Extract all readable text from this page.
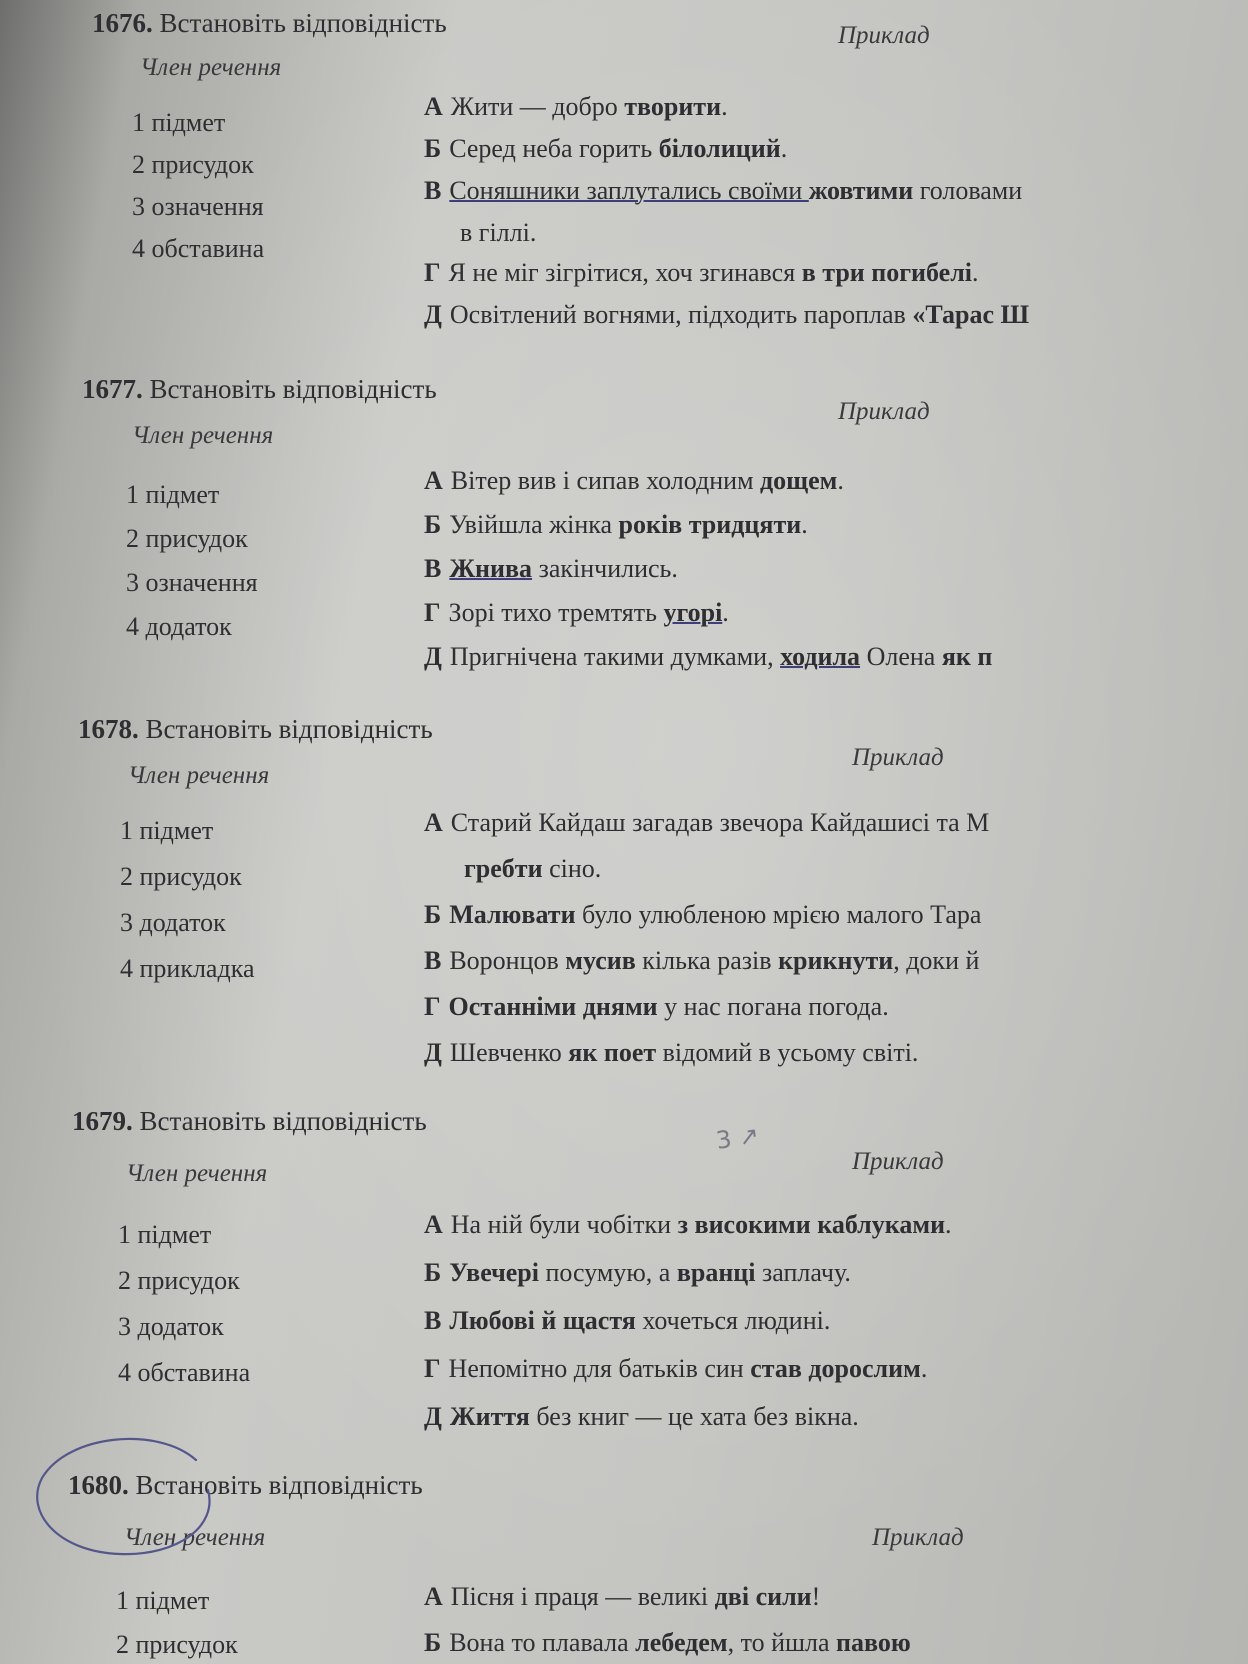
1676. Встановіть відповідність
Член речення
Приклад
1 підмет
2 присудок
3 означення
4 обставина
А Жити — добро творити.
Б Серед неба горить білолиций.
В Соняшники заплутались своїми жовтими головами
в гіллі.
Г Я не міг зігрітися, хоч згинався в три погибелі.
Д Освітлений вогнями, підходить пароплав «Тарас Ш
1677. Встановіть відповідність
Член речення
Приклад
1 підмет
2 присудок
3 означення
4 додаток
А Вітер вив і сипав холодним дощем.
Б Увійшла жінка років тридцяти.
В Жнива закінчились.
Г Зорі тихо тремтять угорі.
Д Пригнічена такими думками, ходила Олена як п
1678. Встановіть відповідність
Член речення
Приклад
1 підмет
2 присудок
3 додаток
4 прикладка
А Старий Кайдаш загадав звечора Кайдашисі та М
гребти сіно.
Б Малювати було улюбленою мрією малого Тара
В Воронцов мусив кілька разів крикнути, доки й
Г Останніми днями у нас погана погода.
Д Шевченко як поет відомий в усьому світі.
1679. Встановіть відповідність
Член речення	Приклад
1 підмет
2 присудок
3 додаток
4 обставина
А На ній були чобітки з високими каблуками.
Б Увечері посумую, а вранці заплачу.
В Любові й щастя хочеться людині.
Г Непомітно для батьків син став дорослим.
Д Життя без книг — це хата без вікна.
1680. Встановіть відповідність
Член речення	Приклад
1 підмет
2 присудок
А Пісня і праця — великі дві сили!
Б Вона то плавала лебедем, то йшла павою
3 ↗
